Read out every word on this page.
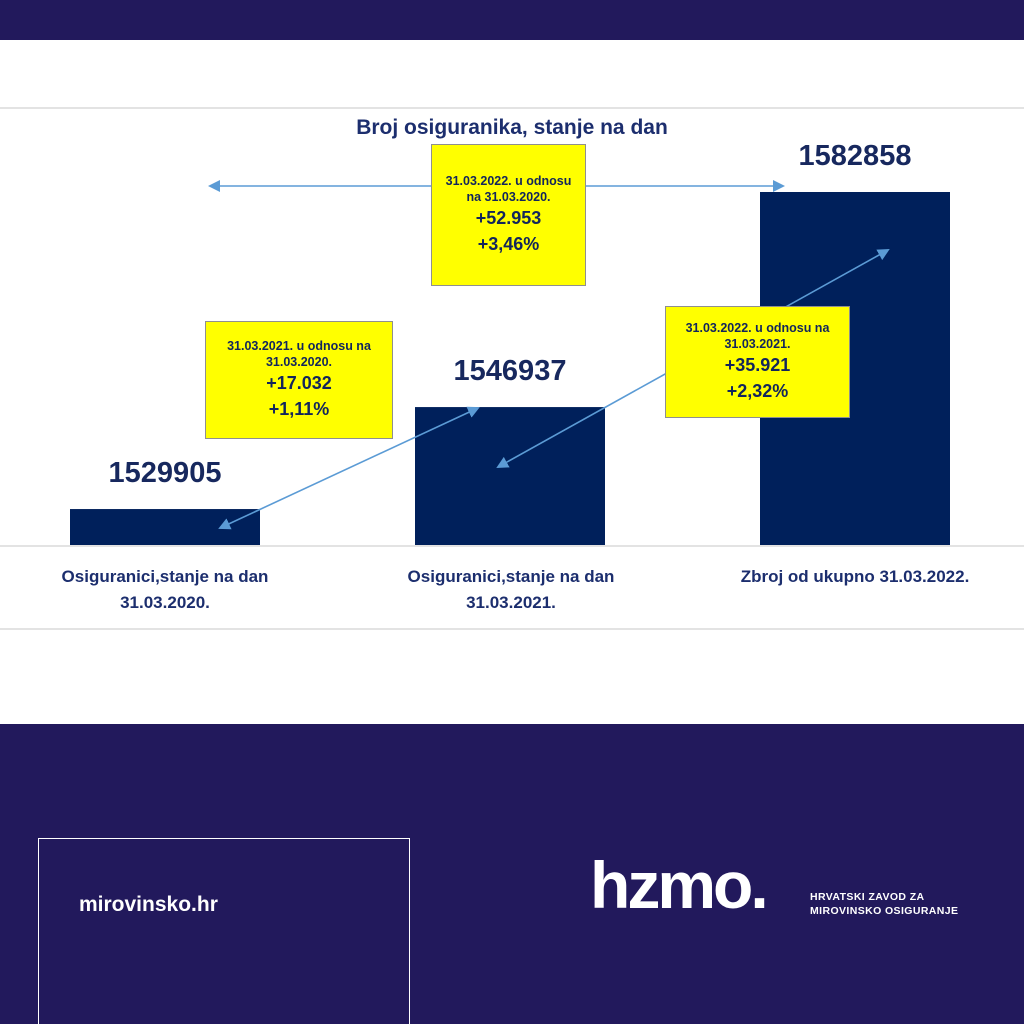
Broj osiguranika, stanje na dan
1529905
1546937
1582858
31.03.2021. u odnosu na 31.03.2020.
+17.032
+1,11%
31.03.2022. u odnosu na 31.03.2021.
+35.921
+2,32%
31.03.2022. u odnosu na 31.03.2020.
+52.953
+3,46%
Osiguranici,stanje na dan
31.03.2020.
Osiguranici,stanje na dan
31.03.2021.
Zbroj od ukupno 31.03.2022.
mirovinsko.hr	hzmo.	HRVATSKI ZAVOD ZA
MIROVINSKO OSIGURANJE
